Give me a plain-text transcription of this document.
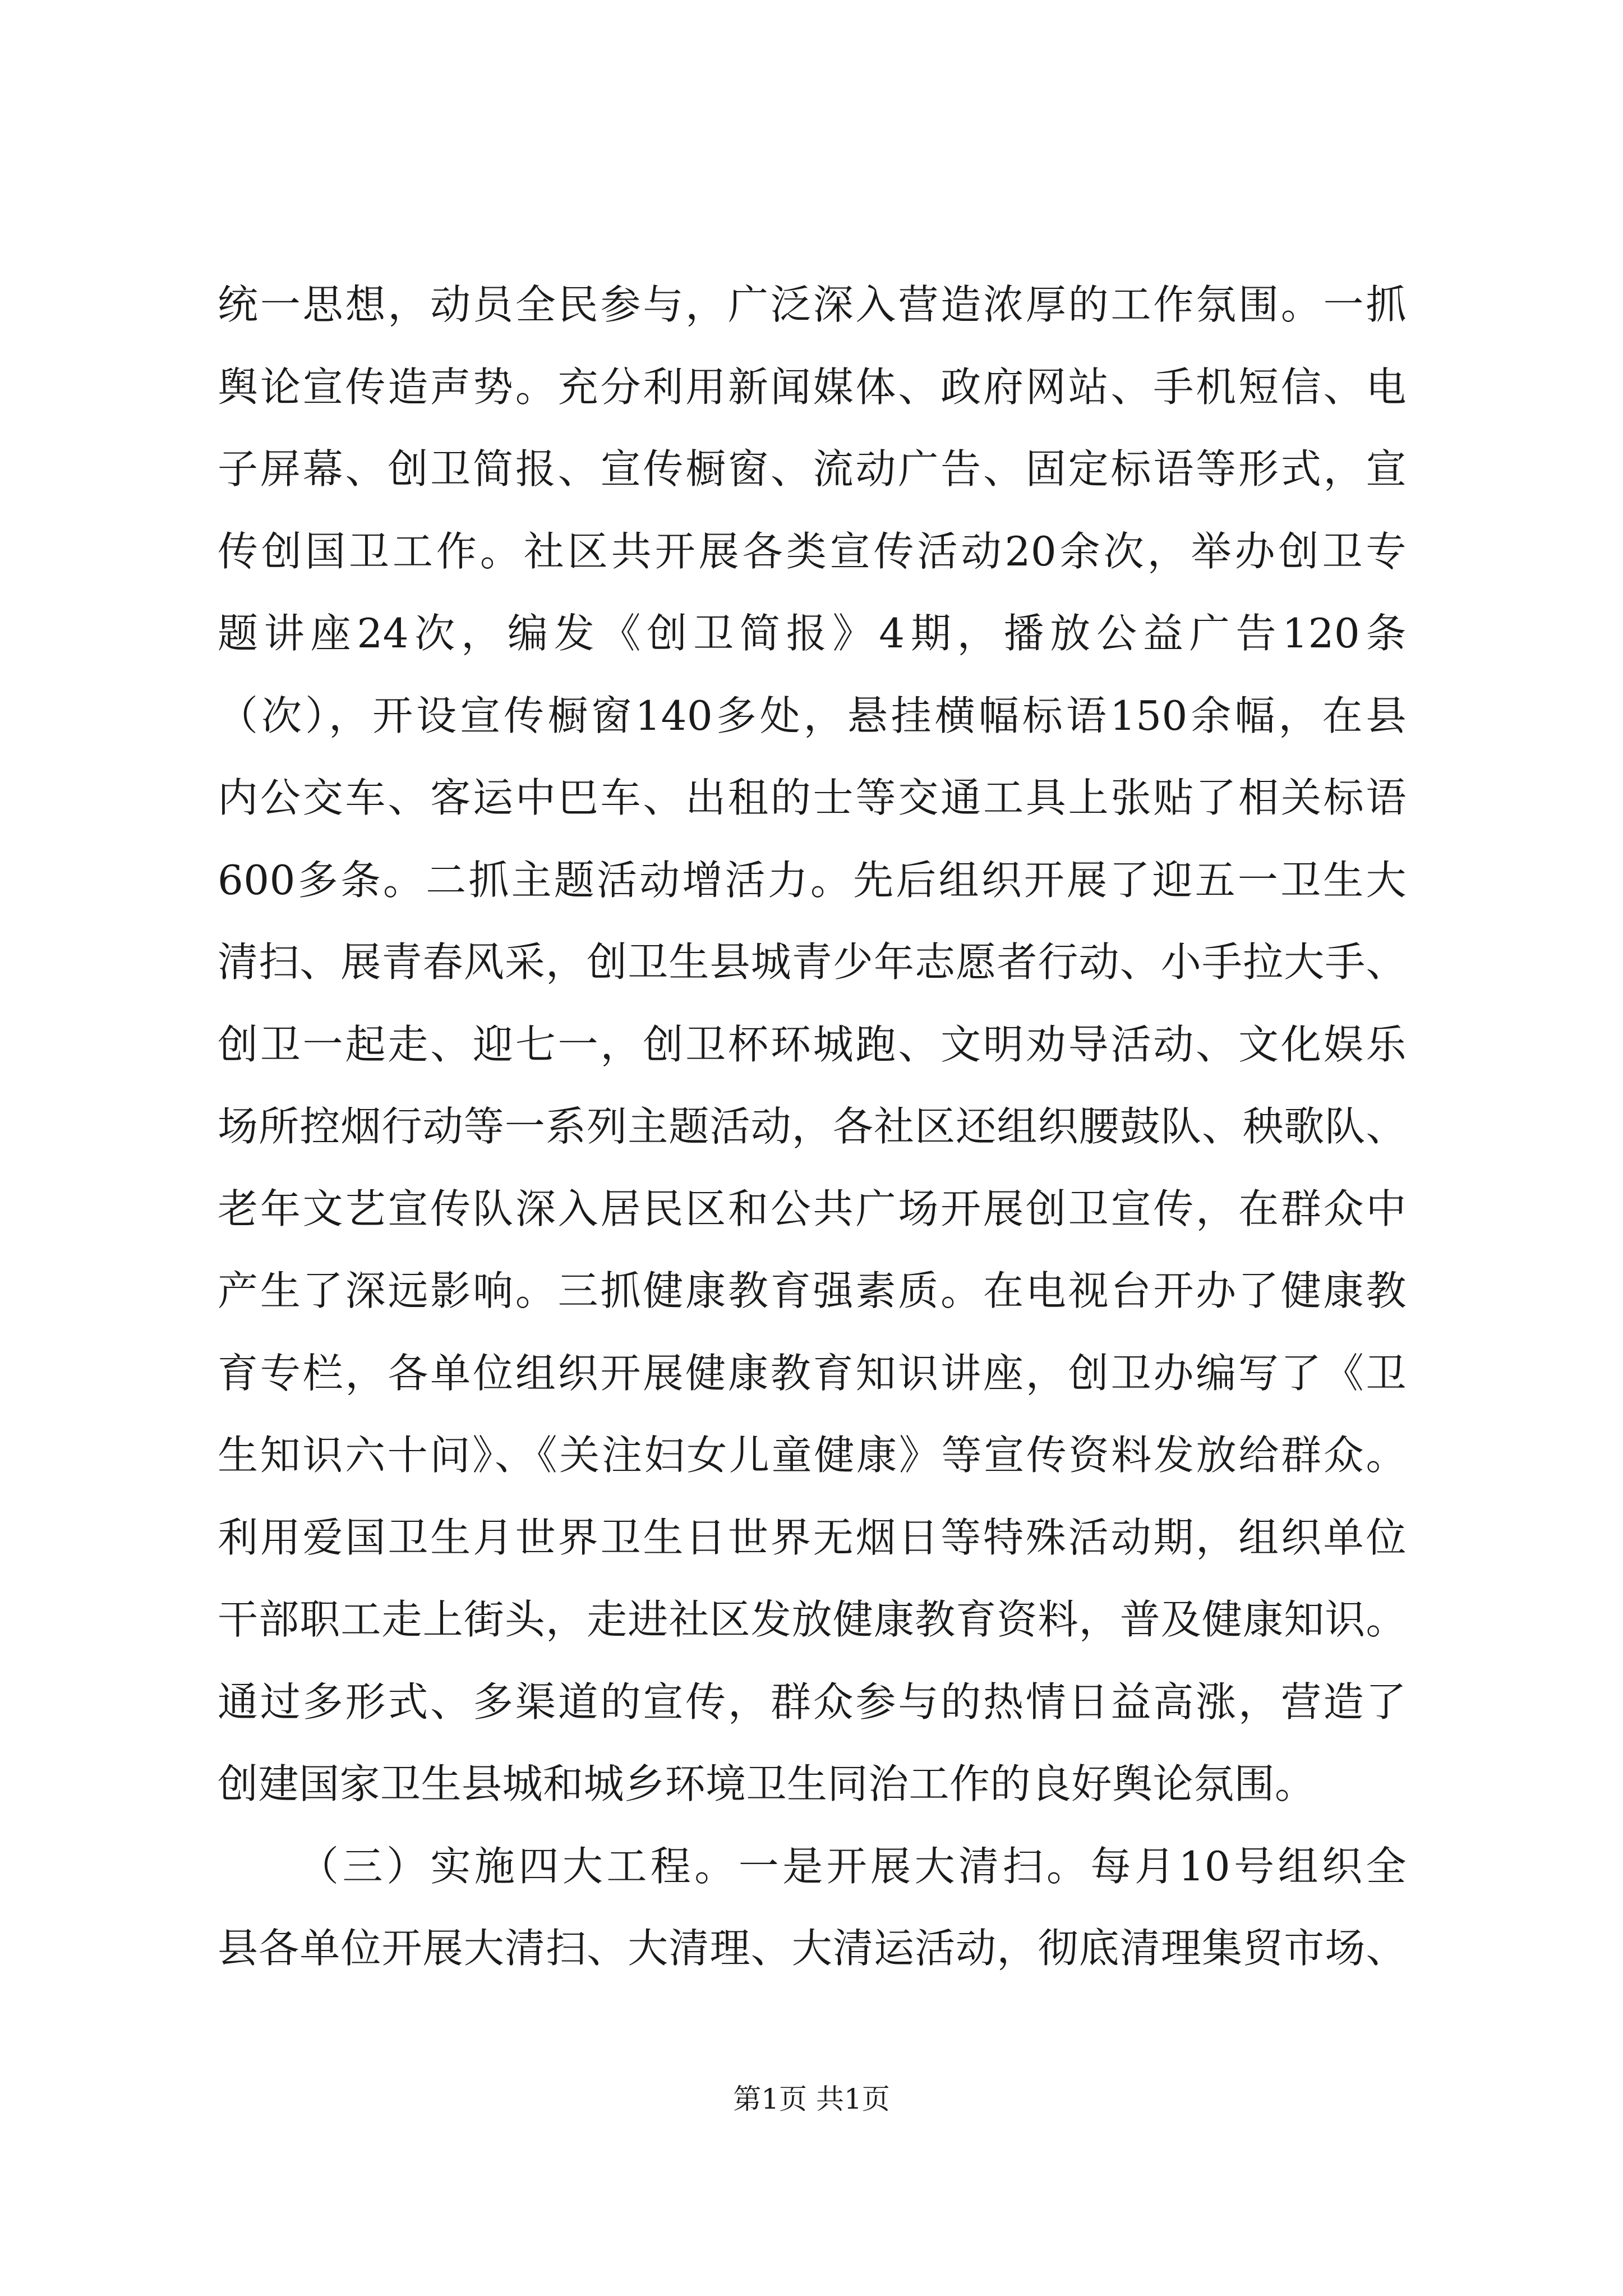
统一思想，动员全民参与，广泛深入营造浓厚的工作氛围。一抓

舆论宣传造声势。充分利用新闻媒体、政府网站、手机短信、电

子屏幕、创卫简报、宣传橱窗、流动广告、固定标语等形式，宣

传创国卫工作。社区共开展各类宣传活动20余次，举办创卫专

题讲座24次，编发《创卫简报》4期，播放公益广告120条

（次），开设宣传橱窗140多处，悬挂横幅标语150余幅，在县

内公交车、客运中巴车、出租的士等交通工具上张贴了相关标语

600多条。二抓主题活动增活力。先后组织开展了迎五一卫生大

清扫、展青春风采，创卫生县城青少年志愿者行动、小手拉大手、

创卫一起走、迎七一，创卫杯环城跑、文明劝导活动、文化娱乐

场所控烟行动等一系列主题活动，各社区还组织腰鼓队、秧歌队、

老年文艺宣传队深入居民区和公共广场开展创卫宣传，在群众中

产生了深远影响。三抓健康教育强素质。在电视台开办了健康教

育专栏，各单位组织开展健康教育知识讲座，创卫办编写了《卫

生知识六十问》、《关注妇女儿童健康》等宣传资料发放给群众。

利用爱国卫生月世界卫生日世界无烟日等特殊活动期，组织单位

干部职工走上街头，走进社区发放健康教育资料，普及健康知识。

通过多形式、多渠道的宣传，群众参与的热情日益高涨，营造了

创建国家卫生县城和城乡环境卫生同治工作的良好舆论氛围。

（三）实施四大工程。一是开展大清扫。每月10号组织全

县各单位开展大清扫、大清理、大清运活动，彻底清理集贸市场、

第1页 共1页
